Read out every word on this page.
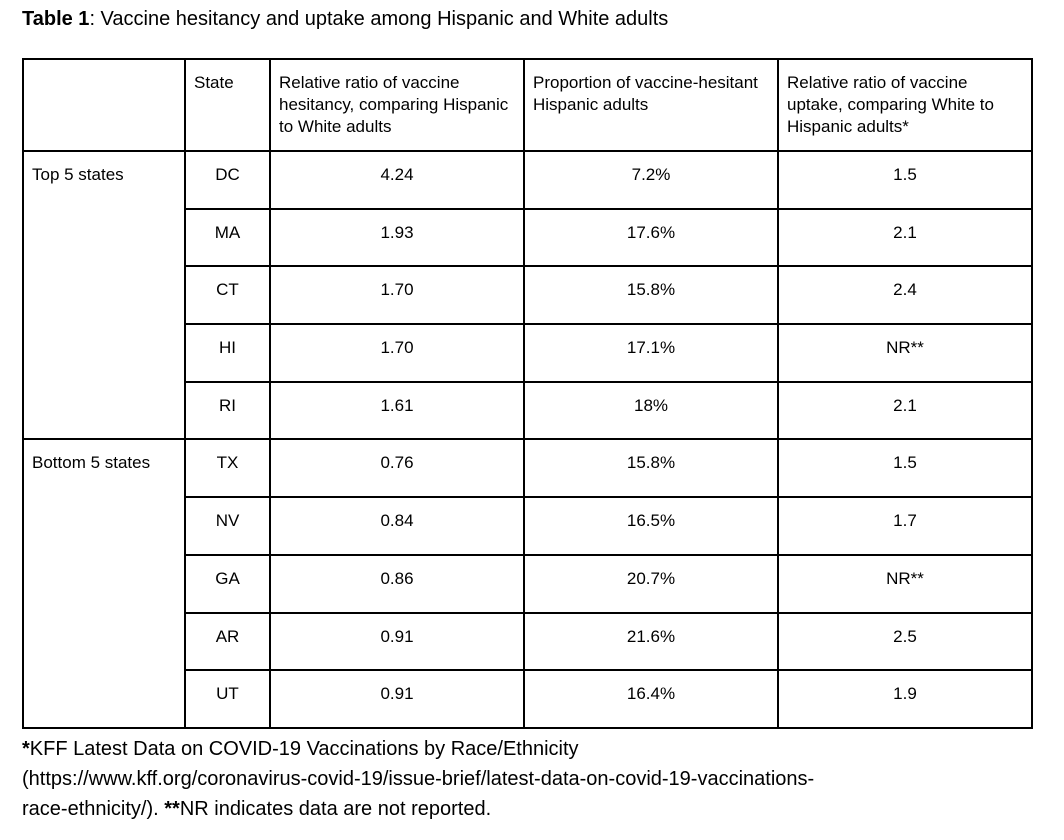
Table 1: Vaccine hesitancy and uptake among Hispanic and White adults

	State	Relative ratio of vaccine hesitancy, comparing Hispanic to White adults	Proportion of vaccine-hesitant Hispanic adults	Relative ratio of vaccine uptake, comparing White to Hispanic adults*
Top 5 states	DC	4.24	7.2%	1.5
	MA	1.93	17.6%	2.1
	CT	1.70	15.8%	2.4
	HI	1.70	17.1%	NR**
	RI	1.61	18%	2.1
Bottom 5 states	TX	0.76	15.8%	1.5
	NV	0.84	16.5%	1.7
	GA	0.86	20.7%	NR**
	AR	0.91	21.6%	2.5
	UT	0.91	16.4%	1.9
*KFF Latest Data on COVID-19 Vaccinations by Race/Ethnicity
(https://www.kff.org/coronavirus-covid-19/issue-brief/latest-data-on-covid-19-vaccinations-
race-ethnicity/). **NR indicates data are not reported.
